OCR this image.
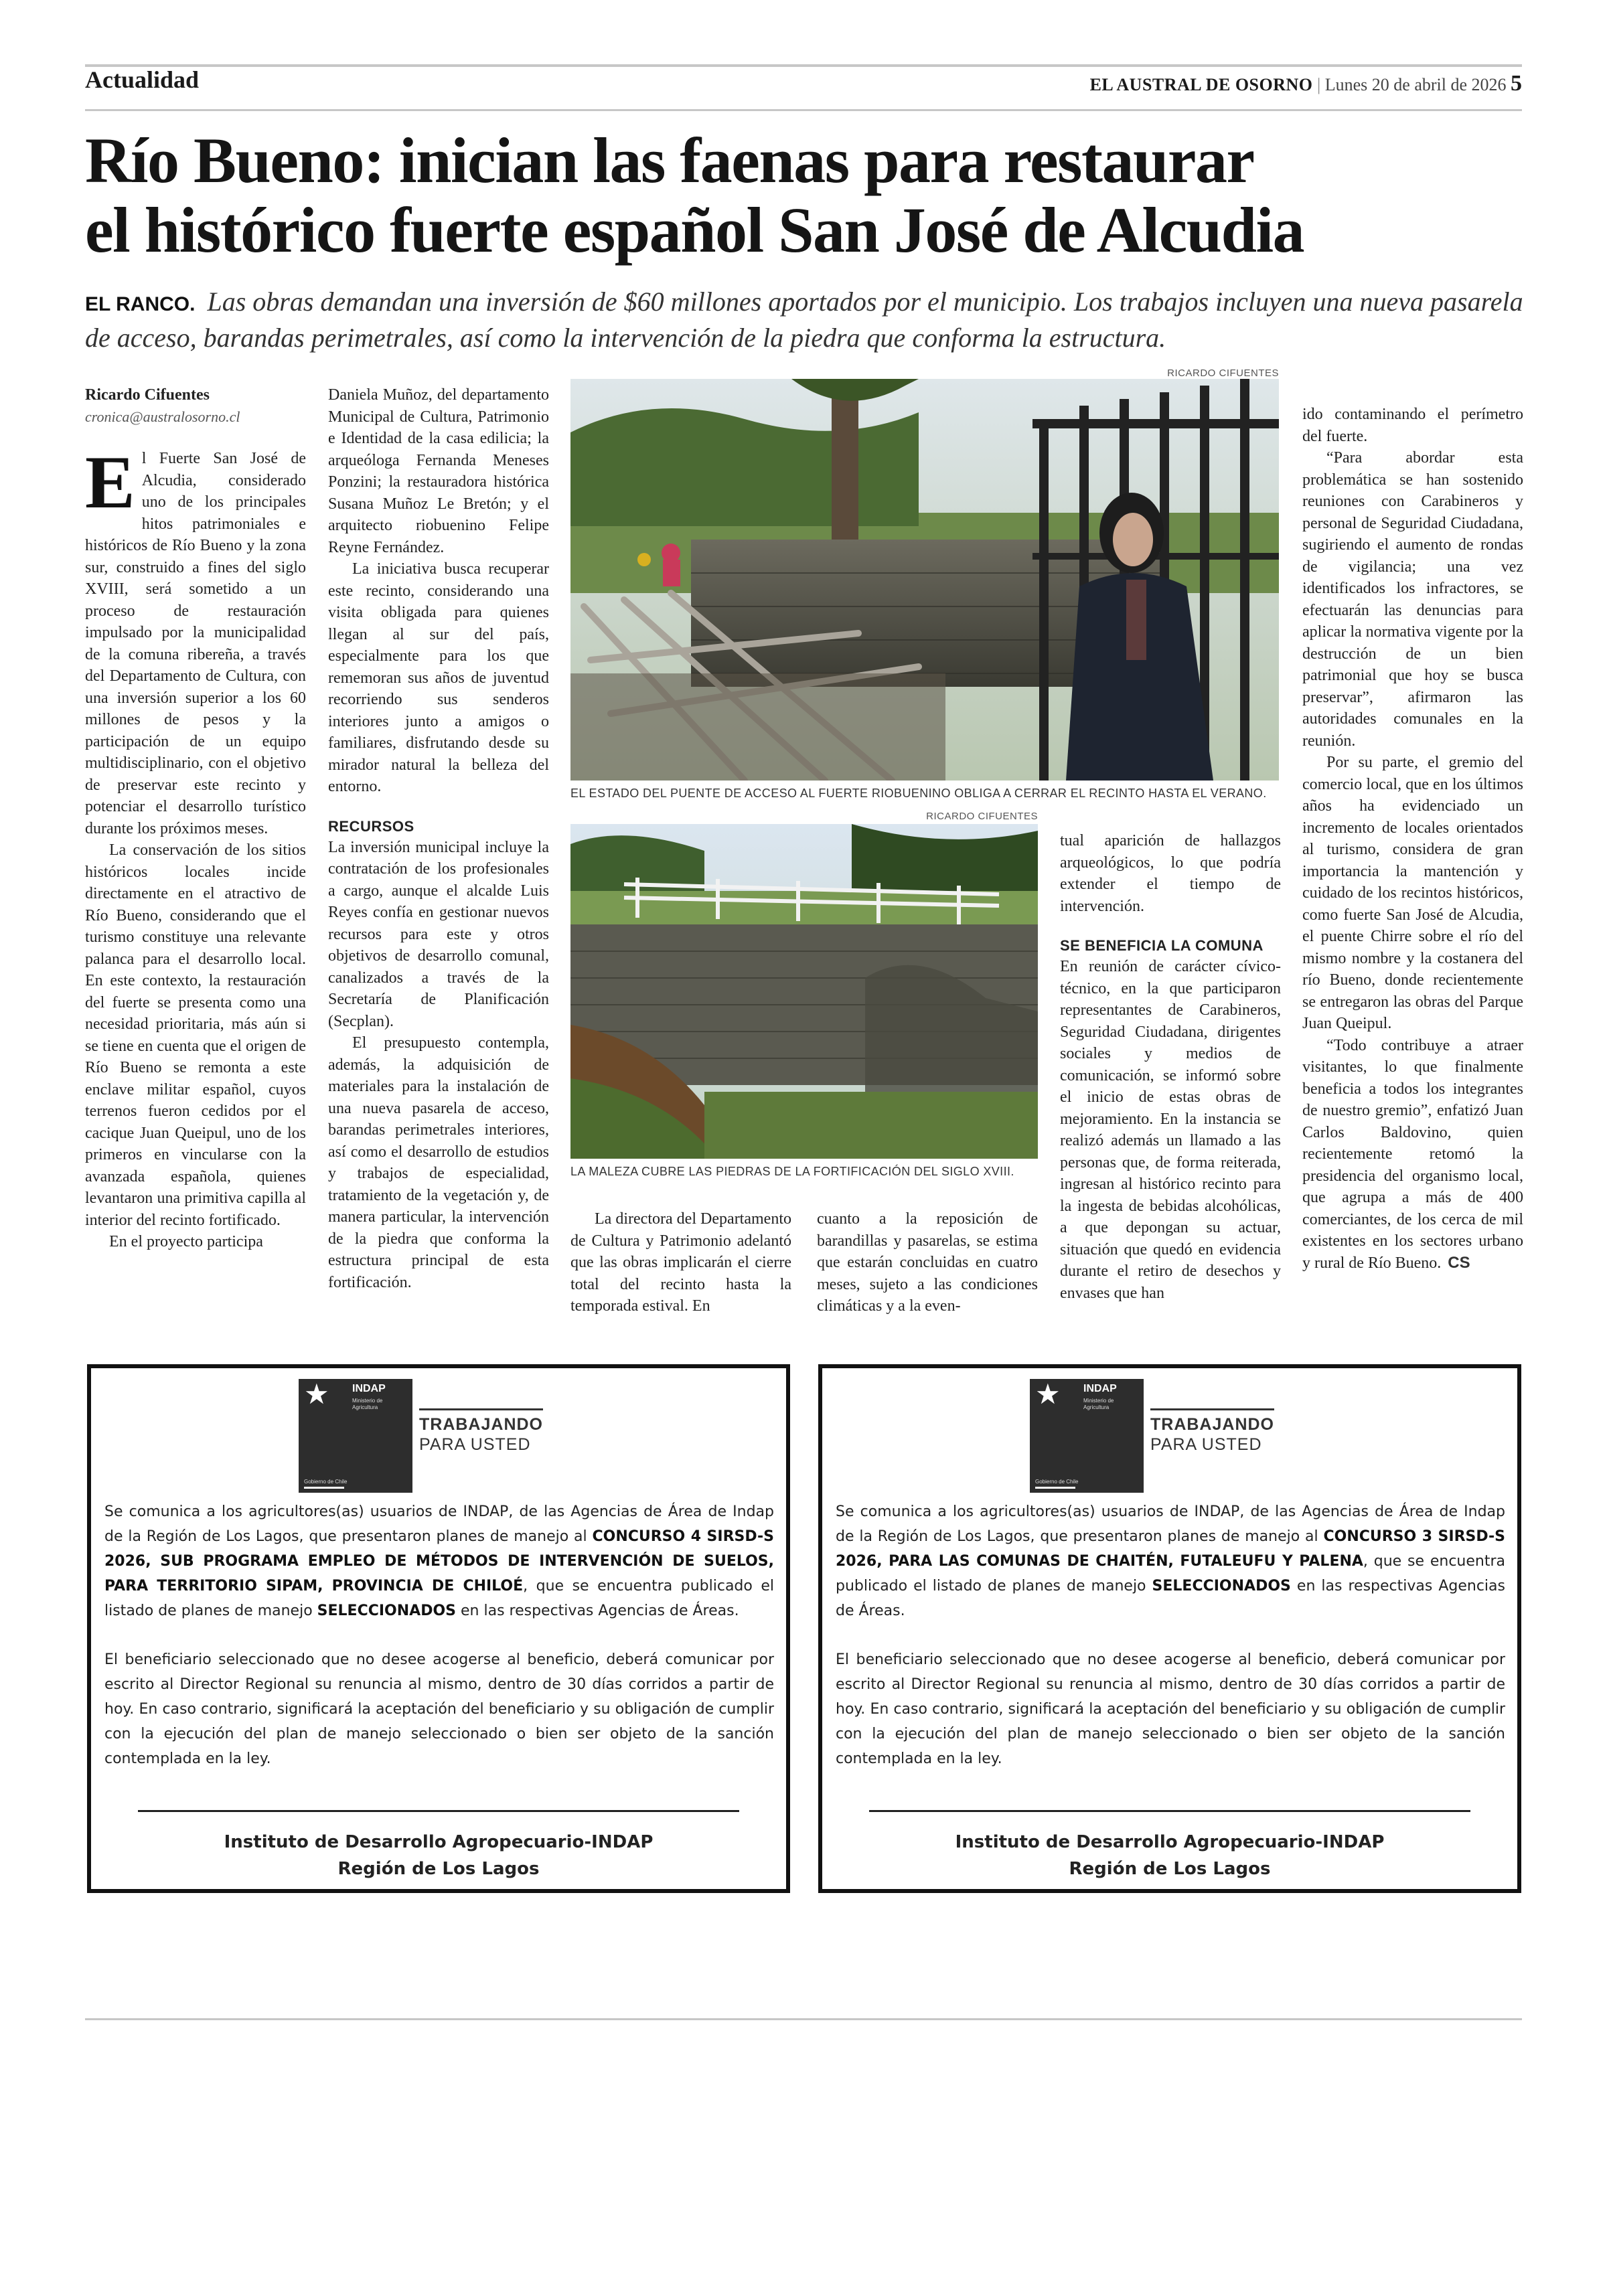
Actualidad	EL AUSTRAL DE OSORNO | Lunes 20 de abril de 2026 5
Río Bueno: inician las faenas para restaurar
el histórico fuerte español San José de Alcudia
EL RANCO. Las obras demandan una inversión de $60 millones aportados por el municipio. Los trabajos incluyen una nueva pasarela de acceso, barandas perimetrales, así como la intervención de la piedra que conforma la estructura.
Ricardo Cifuentes
cronica@australosorno.cl
E l Fuerte San José de Alcudia, considerado uno de los principales hitos patrimoniales e históricos de Río Bueno y la zona sur, construido a fines del siglo XVIII, será sometido a un proceso de restauración impulsado por la municipalidad de la comuna ribereña, a través del Departamento de Cultura, con una inversión superior a los 60 millones de pesos y la participación de un equipo multidisciplinario, con el objetivo de preservar este recinto y potenciar el desarrollo turístico durante los próximos meses.

La conservación de los sitios históricos locales incide directamente en el atractivo de Río Bueno, considerando que el turismo constituye una relevante palanca para el desarrollo local. En este contexto, la restauración del fuerte se presenta como una necesidad prioritaria, más aún si se tiene en cuenta que el origen de Río Bueno se remonta a este enclave militar español, cuyos terrenos fueron cedidos por el cacique Juan Queipul, uno de los primeros en vincularse con la avanzada española, quienes levantaron una primitiva capilla al interior del recinto fortificado.

En el proyecto participa

Daniela Muñoz, del departamento Municipal de Cultura, Patrimonio e Identidad de la casa edilicia; la arqueóloga Fernanda Meneses Ponzini; la restauradora histórica Susana Muñoz Le Bretón; y el arquitecto riobuenino Felipe Reyne Fernández.

La iniciativa busca recuperar este recinto, considerando una visita obligada para quienes llegan al sur del país, especialmente para los que rememoran sus años de juventud recorriendo sus senderos interiores junto a amigos o familiares, disfrutando desde su mirador natural la belleza del entorno.

RECURSOS

La inversión municipal incluye la contratación de los profesionales a cargo, aunque el alcalde Luis Reyes confía en gestionar nuevos recursos para este y otros objetivos de desarrollo comunal, canalizados a través de la Secretaría de Planificación (Secplan).

El presupuesto contempla, además, la adquisición de materiales para la instalación de una nueva pasarela de acceso, barandas perimetrales interiores, así como el desarrollo de estudios y trabajos de especialidad, tratamiento de la vegetación y, de manera particular, la intervención de la piedra que conforma la estructura principal de esta fortificación.

RICARDO CIFUENTES
EL ESTADO DEL PUENTE DE ACCESO AL FUERTE RIOBUENINO OBLIGA A CERRAR EL RECINTO HASTA EL VERANO.
RICARDO CIFUENTES
LA MALEZA CUBRE LAS PIEDRAS DE LA FORTIFICACIÓN DEL SIGLO XVIII.

La directora del Departamento de Cultura y Patrimonio adelantó que las obras implicarán el cierre total del recinto hasta la temporada estival. En

cuanto a la reposición de barandillas y pasarelas, se estima que estarán concluidas en cuatro meses, sujeto a las condiciones climáticas y a la even-

tual aparición de hallazgos arqueológicos, lo que podría extender el tiempo de intervención.

SE BENEFICIA LA COMUNA

En reunión de carácter cívico-técnico, en la que participaron representantes de Carabineros, Seguridad Ciudadana, dirigentes sociales y medios de comunicación, se informó sobre el inicio de estas obras de mejoramiento. En la instancia se realizó además un llamado a las personas que, de forma reiterada, ingresan al histórico recinto para la ingesta de bebidas alcohólicas, a que depongan su actuar, situación que quedó en evidencia durante el retiro de desechos y envases que han

ido contaminando el perímetro del fuerte.

“Para abordar esta problemática se han sostenido reuniones con Carabineros y personal de Seguridad Ciudadana, sugiriendo el aumento de rondas de vigilancia; una vez identificados los infractores, se efectuarán las denuncias para aplicar la normativa vigente por la destrucción de un bien patrimonial que hoy se busca preservar”, afirmaron las autoridades comunales en la reunión.

Por su parte, el gremio del comercio local, que en los últimos años ha evidenciado un incremento de locales orientados al turismo, considera de gran importancia la mantención y cuidado de los recintos históricos, como fuerte San José de Alcudia, el puente Chirre sobre el río del mismo nombre y la costanera del río Bueno, donde recientemente se entregaron las obras del Parque Juan Queipul.

“Todo contribuye a atraer visitantes, lo que finalmente beneficia a todos los integrantes de nuestro gremio”, enfatizó Juan Carlos Baldovino, quien recientemente retomó la presidencia del organismo local, que agrupa a más de 400 comerciantes, de los cerca de mil existentes en los sectores urbano y rural de Río Bueno. CS

★ INDAP
Ministerio de Agricultura
Gobierno de Chile
TRABAJANDO
PARA USTED

Se comunica a los agricultores(as) usuarios de INDAP, de las Agencias de Área de Indap de la Región de Los Lagos, que presentaron planes de manejo al CONCURSO 4 SIRSD-S 2026, SUB PROGRAMA EMPLEO DE MÉTODOS DE INTERVENCIÓN DE SUELOS, PARA TERRITORIO SIPAM, PROVINCIA DE CHILOÉ, que se encuentra publicado el listado de planes de manejo SELECCIONADOS en las respectivas Agencias de Áreas.

El beneficiario seleccionado que no desee acogerse al beneficio, deberá comunicar por escrito al Director Regional su renuncia al mismo, dentro de 30 días corridos a partir de hoy. En caso contrario, significará la aceptación del beneficiario y su obligación de cumplir con la ejecución del plan de manejo seleccionado o bien ser objeto de la sanción contemplada en la ley.

Instituto de Desarrollo Agropecuario-INDAP
Región de Los Lagos
★ INDAP
Ministerio de Agricultura
Gobierno de Chile
TRABAJANDO
PARA USTED

Se comunica a los agricultores(as) usuarios de INDAP, de las Agencias de Área de Indap de la Región de Los Lagos, que presentaron planes de manejo al CONCURSO 3 SIRSD-S 2026, PARA LAS COMUNAS DE CHAITÉN, FUTALEUFU Y PALENA, que se encuentra publicado el listado de planes de manejo SELECCIONADOS en las respectivas Agencias de Áreas.

El beneficiario seleccionado que no desee acogerse al beneficio, deberá comunicar por escrito al Director Regional su renuncia al mismo, dentro de 30 días corridos a partir de hoy. En caso contrario, significará la aceptación del beneficiario y su obligación de cumplir con la ejecución del plan de manejo seleccionado o bien ser objeto de la sanción contemplada en la ley.

Instituto de Desarrollo Agropecuario-INDAP
Región de Los Lagos
